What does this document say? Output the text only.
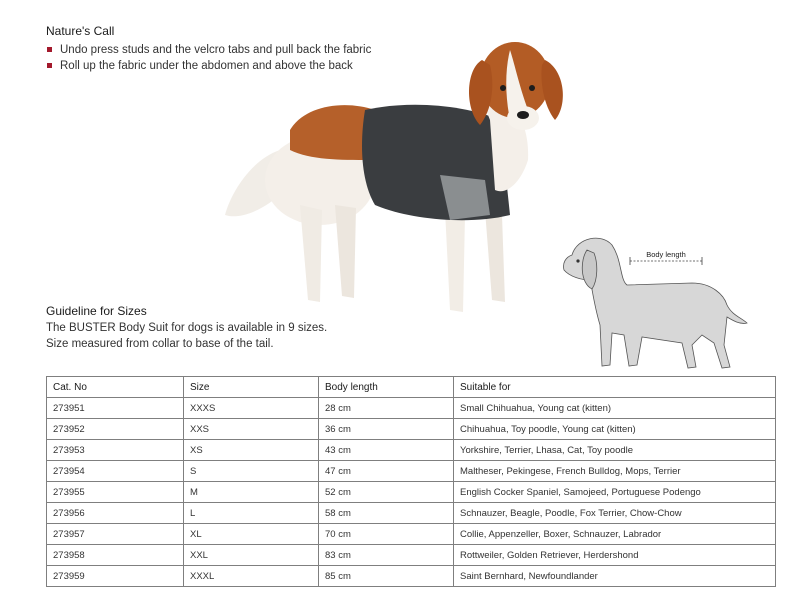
Nature's Call
Undo press studs and the velcro tabs and pull back the fabric
Roll up the fabric under the abdomen and above the back
Body length
Guideline for Sizes
The BUSTER Body Suit for dogs is available in 9 sizes.
Size measured from collar to base of the tail.
Cat. No	Size	Body length	Suitable for
273951	XXXS	28 cm	Small Chihuahua, Young cat (kitten)
273952	XXS	36 cm	Chihuahua, Toy poodle, Young cat (kitten)
273953	XS	43 cm	Yorkshire, Terrier, Lhasa, Cat, Toy poodle
273954	S	47 cm	Maltheser, Pekingese, French Bulldog, Mops, Terrier
273955	M	52 cm	English Cocker Spaniel, Samojeed, Portuguese Podengo
273956	L	58 cm	Schnauzer, Beagle, Poodle, Fox Terrier, Chow-Chow
273957	XL	70 cm	Collie, Appenzeller, Boxer, Schnauzer, Labrador
273958	XXL	83 cm	Rottweiler, Golden Retriever, Herdershond
273959	XXXL	85 cm	Saint Bernhard, Newfoundlander
